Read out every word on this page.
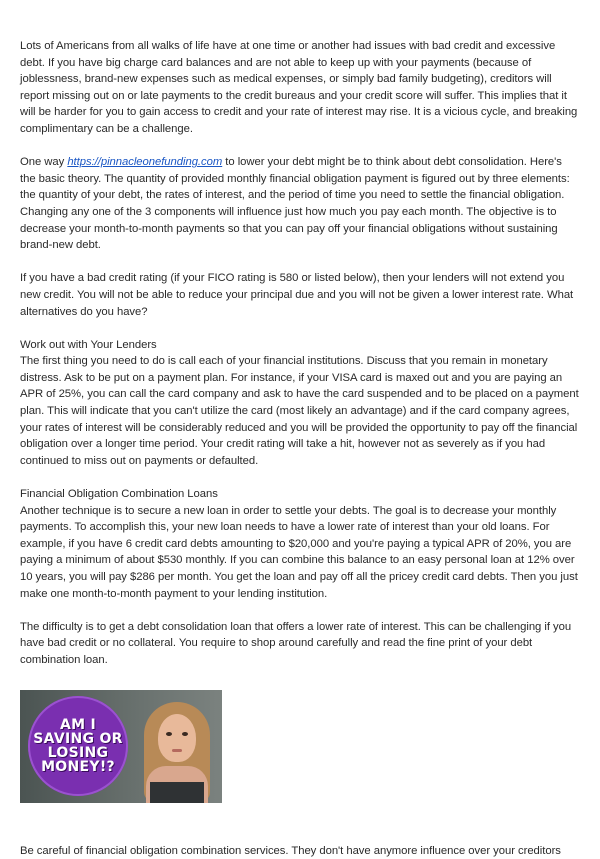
Lots of Americans from all walks of life have at one time or another had issues with bad credit and excessive debt. If you have big charge card balances and are not able to keep up with your payments (because of joblessness, brand-new expenses such as medical expenses, or simply bad family budgeting), creditors will report missing out on or late payments to the credit bureaus and your credit score will suffer. This implies that it will be harder for you to gain access to credit and your rate of interest may rise. It is a vicious cycle, and breaking complimentary can be a challenge.

One way https://pinnacleonefunding.com to lower your debt might be to think about debt consolidation. Here's the basic theory. The quantity of provided monthly financial obligation payment is figured out by three elements: the quantity of your debt, the rates of interest, and the period of time you need to settle the financial obligation. Changing any one of the 3 components will influence just how much you pay each month. The objective is to decrease your month-to-month payments so that you can pay off your financial obligations without sustaining brand-new debt.

If you have a bad credit rating (if your FICO rating is 580 or listed below), then your lenders will not extend you new credit. You will not be able to reduce your principal due and you will not be given a lower interest rate. What alternatives do you have?

Work out with Your Lenders

The first thing you need to do is call each of your financial institutions. Discuss that you remain in monetary distress. Ask to be put on a payment plan. For instance, if your VISA card is maxed out and you are paying an APR of 25%, you can call the card company and ask to have the card suspended and to be placed on a payment plan. This will indicate that you can't utilize the card (most likely an advantage) and if the card company agrees, your rates of interest will be considerably reduced and you will be provided the opportunity to pay off the financial obligation over a longer time period. Your credit rating will take a hit, however not as severely as if you had continued to miss out on payments or defaulted.

Financial Obligation Combination Loans

Another technique is to secure a new loan in order to settle your debts. The goal is to decrease your monthly payments. To accomplish this, your new loan needs to have a lower rate of interest than your old loans. For example, if you have 6 credit card debts amounting to $20,000 and you're paying a typical APR of 20%, you are paying a minimum of about $530 monthly. If you can combine this balance to an easy personal loan at 12% over 10 years, you will pay $286 per month. You get the loan and pay off all the pricey credit card debts. Then you just make one month-to-month payment to your lending institution.

The difficulty is to get a debt consolidation loan that offers a lower rate of interest. This can be challenging if you have bad credit or no collateral. You require to shop around carefully and read the fine print of your debt combination loan.

AM I
SAVING OR
LOSING
MONEY!?

Be careful of financial obligation combination services. They don't have anymore influence over your creditors
